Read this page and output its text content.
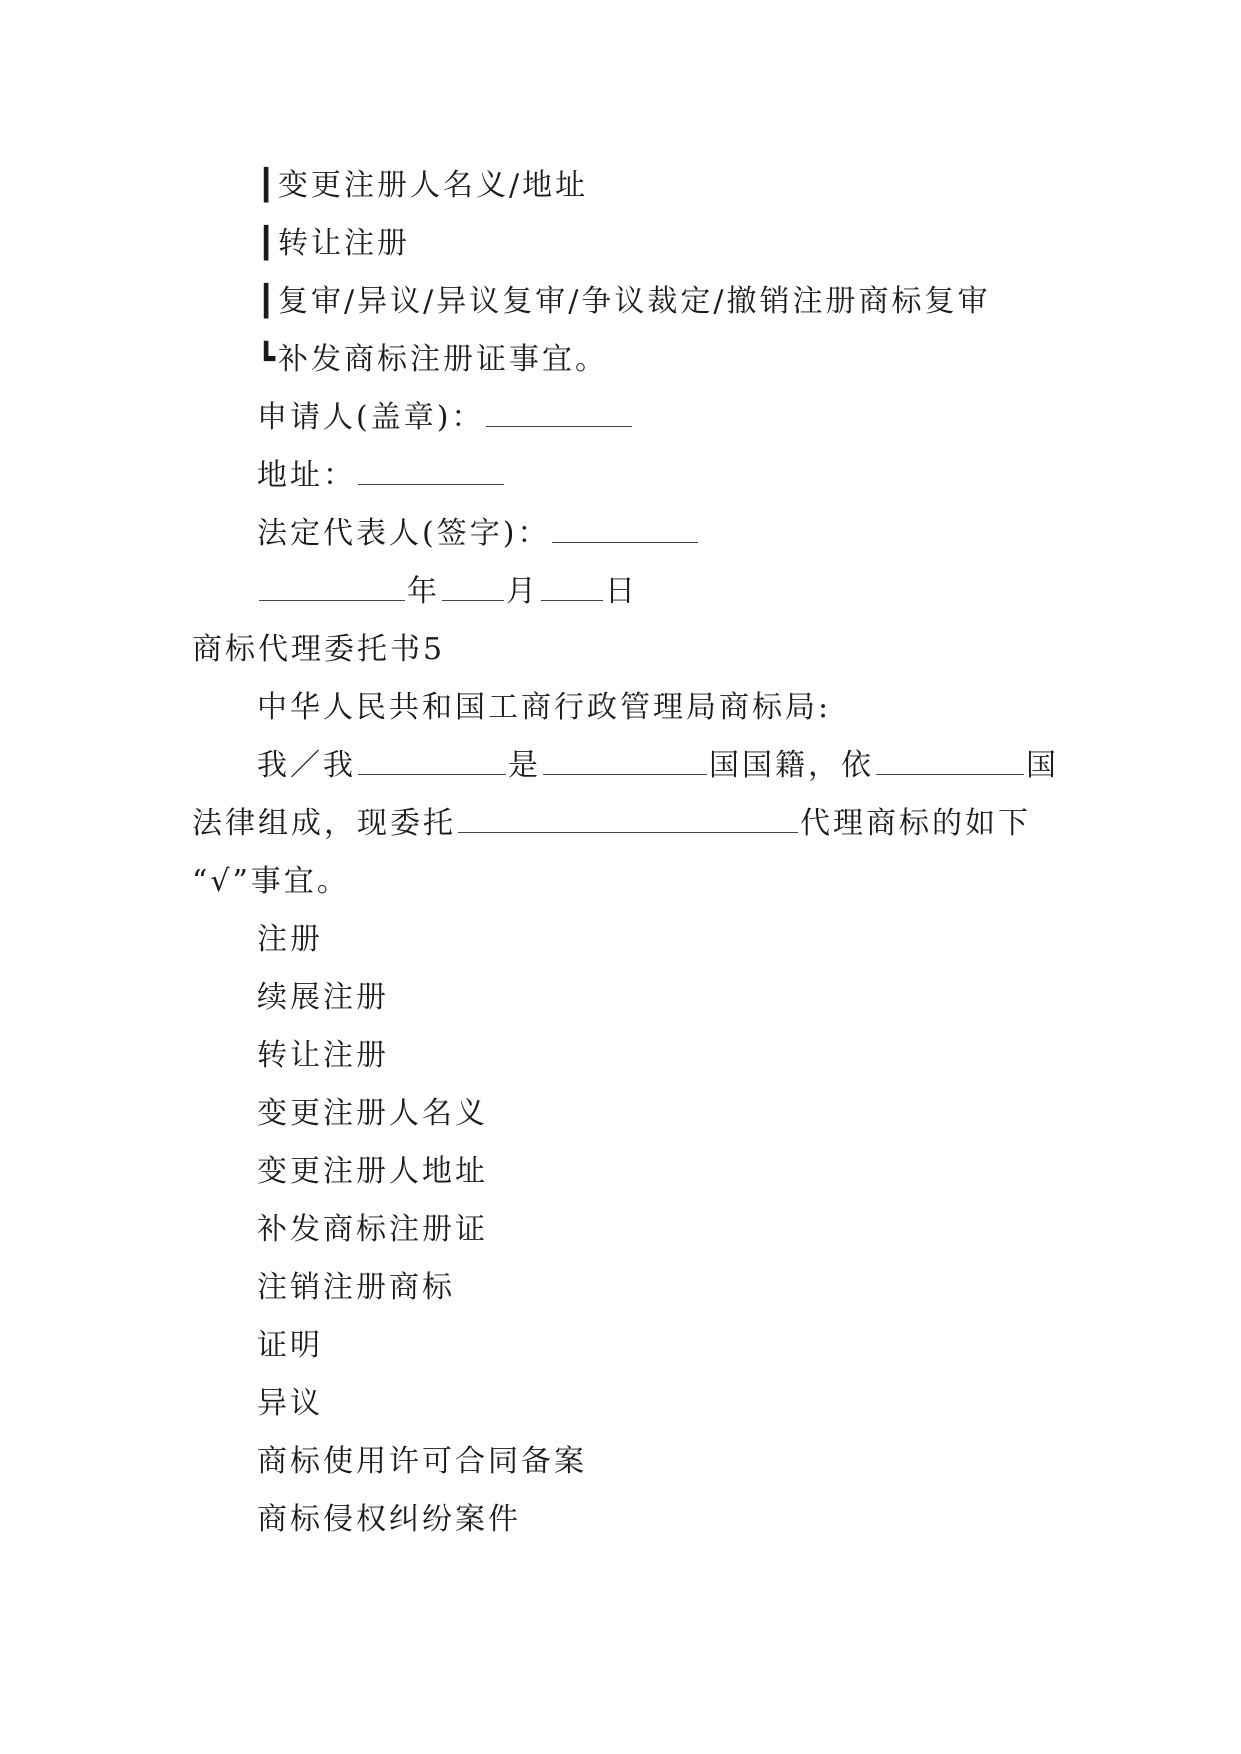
┃变更注册人名义/地址
┃转让注册
┃复审/异议/异议复审/争议裁定/撤销注册商标复审
┗补发商标注册证事宜。
申请人(盖章)：
地址：
法定代表人(签字)：
年 月 日
商标代理委托书5
中华人民共和国工商行政管理局商标局:
我／我	是	国国籍，依	国
法律组成，现委托	代理商标的如下
“√”事宜。
注册
续展注册
转让注册
变更注册人名义
变更注册人地址
补发商标注册证
注销注册商标
证明
异议
商标使用许可合同备案
商标侵权纠纷案件
